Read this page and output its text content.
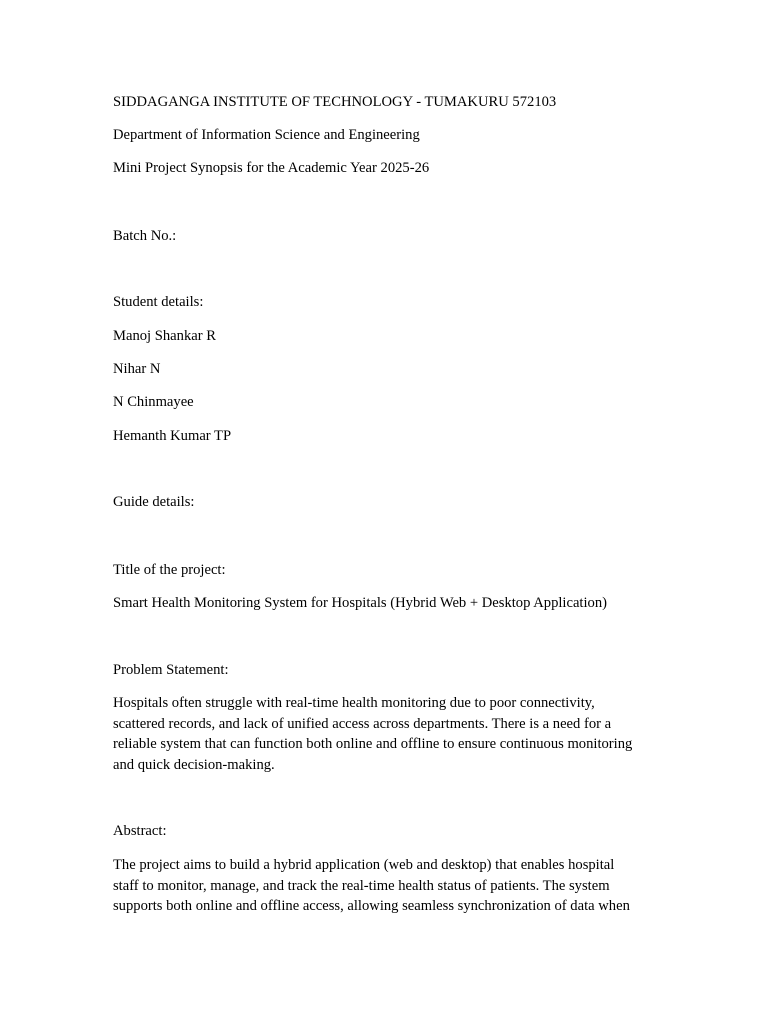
SIDDAGANGA INSTITUTE OF TECHNOLOGY - TUMAKURU 572103

Department of Information Science and Engineering

Mini Project Synopsis for the Academic Year 2025-26

Batch No.:

Student details:

Manoj Shankar R

Nihar N

N Chinmayee

Hemanth Kumar TP

Guide details:

Title of the project:

Smart Health Monitoring System for Hospitals (Hybrid Web + Desktop Application)

Problem Statement:

Hospitals often struggle with real-time health monitoring due to poor connectivity,
scattered records, and lack of unified access across departments. There is a need for a
reliable system that can function both online and offline to ensure continuous monitoring
and quick decision-making.

Abstract:

The project aims to build a hybrid application (web and desktop) that enables hospital
staff to monitor, manage, and track the real-time health status of patients. The system
supports both online and offline access, allowing seamless synchronization of data when
